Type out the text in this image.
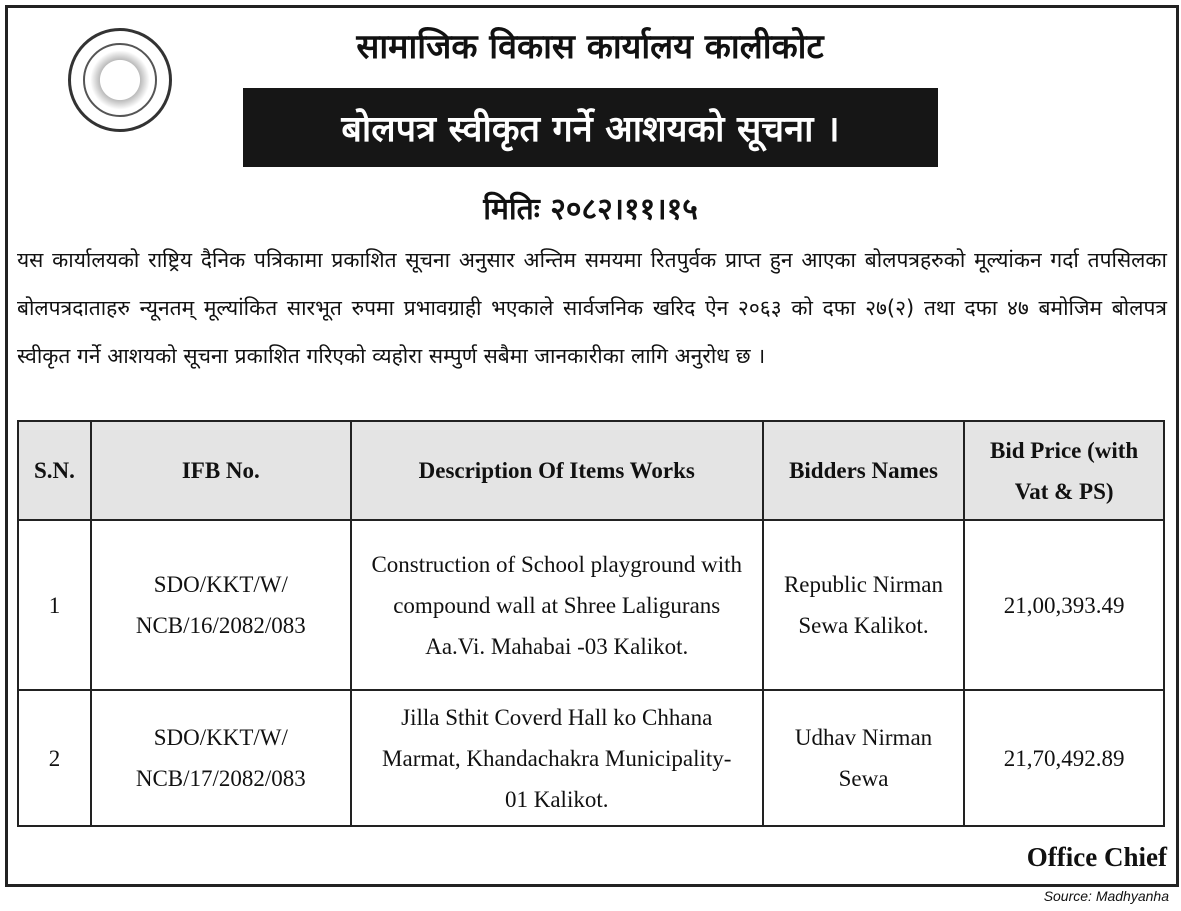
सामाजिक विकास कार्यालय कालीकोट
बोलपत्र स्वीकृत गर्ने आशयको सूचना ।
मितिः २०८२।११।१५
यस कार्यालयको राष्ट्रिय दैनिक पत्रिकामा प्रकाशित सूचना अनुसार अन्तिम समयमा रितपुर्वक प्राप्त हुन आएका बोलपत्रहरुको मूल्यांकन गर्दा तपसिलका बोलपत्रदाताहरु न्यूनतम् मूल्यांकित सारभूत रुपमा प्रभावग्राही भएकाले सार्वजनिक खरिद ऐन २०६३ को दफा २७(२) तथा दफा ४७ बमोजिम बोलपत्र स्वीकृत गर्ने आशयको सूचना प्रकाशित गरिएको व्यहोरा सम्पुर्ण सबैमा जानकारीका लागि अनुरोध छ ।
S.N.	IFB No.	Description Of Items Works	Bidders Names	Bid Price (with Vat & PS)
1	SDO/KKT/W/ NCB/16/2082/083	Construction of School playground with compound wall at Shree Laligurans Aa.Vi. Mahabai -03 Kalikot.	Republic Nirman Sewa Kalikot.	21,00,393.49
2	SDO/KKT/W/ NCB/17/2082/083	Jilla Sthit Coverd Hall ko Chhana Marmat, Khandachakra Municipality-01 Kalikot.	Udhav Nirman Sewa	21,70,492.89
Office Chief
Source: Madhyanha
